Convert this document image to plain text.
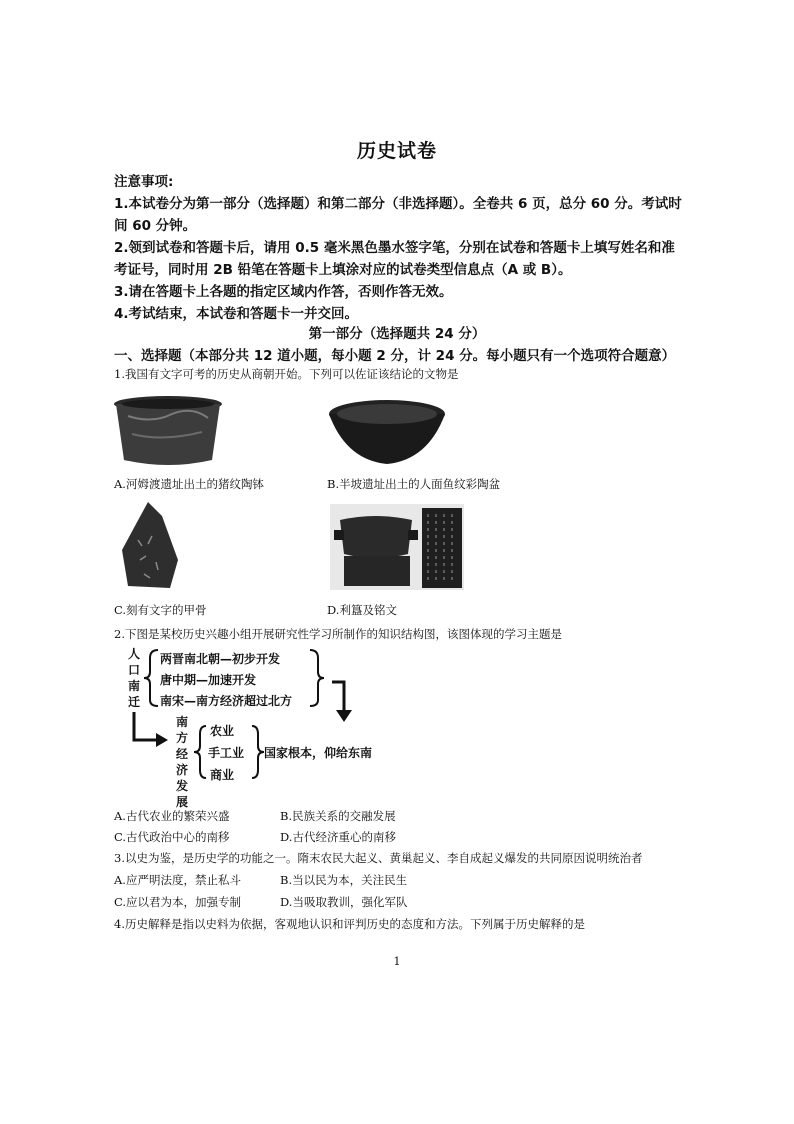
历史试卷
注意事项:
1.本试卷分为第一部分（选择题）和第二部分（非选择题）。全卷共 6 页，总分 60 分。考试时
间 60 分钟。
2.领到试卷和答题卡后，请用 0.5 毫米黑色墨水签字笔，分别在试卷和答题卡上填写姓名和准
考证号，同时用 2B 铅笔在答题卡上填涂对应的试卷类型信息点（A 或 B）。
3.请在答题卡上各题的指定区域内作答，否则作答无效。
4.考试结束，本试卷和答题卡一并交回。
第一部分（选择题共 24 分）
一、选择题（本部分共 12 道小题，每小题 2 分，计 24 分。每小题只有一个选项符合题意）
1.我国有文字可考的历史从商朝开始。下列可以佐证该结论的文物是
A.河姆渡遗址出土的猪纹陶钵	B.半坡遗址出土的人面鱼纹彩陶盆
C.刻有文字的甲骨	D.利簋及铭文
2.下图是某校历史兴趣小组开展研究性学习所制作的知识结构图，该图体现的学习主题是
人口南迁
两晋南北朝—初步开发
唐中期—加速开发
南宋—南方经济超过北方
南方经济发展
农业
手工业
商业
国家根本，仰给东南
A.古代农业的繁荣兴盛	B.民族关系的交融发展
C.古代政治中心的南移	D.古代经济重心的南移
3.以史为鉴，是历史学的功能之一。隋末农民大起义、黄巢起义、李自成起义爆发的共同原因说明统治者
A.应严明法度，禁止私斗	B.当以民为本，关注民生
C.应以君为本，加强专制	D.当吸取教训，强化军队
4.历史解释是指以史料为依据，客观地认识和评判历史的态度和方法。下列属于历史解释的是
1
